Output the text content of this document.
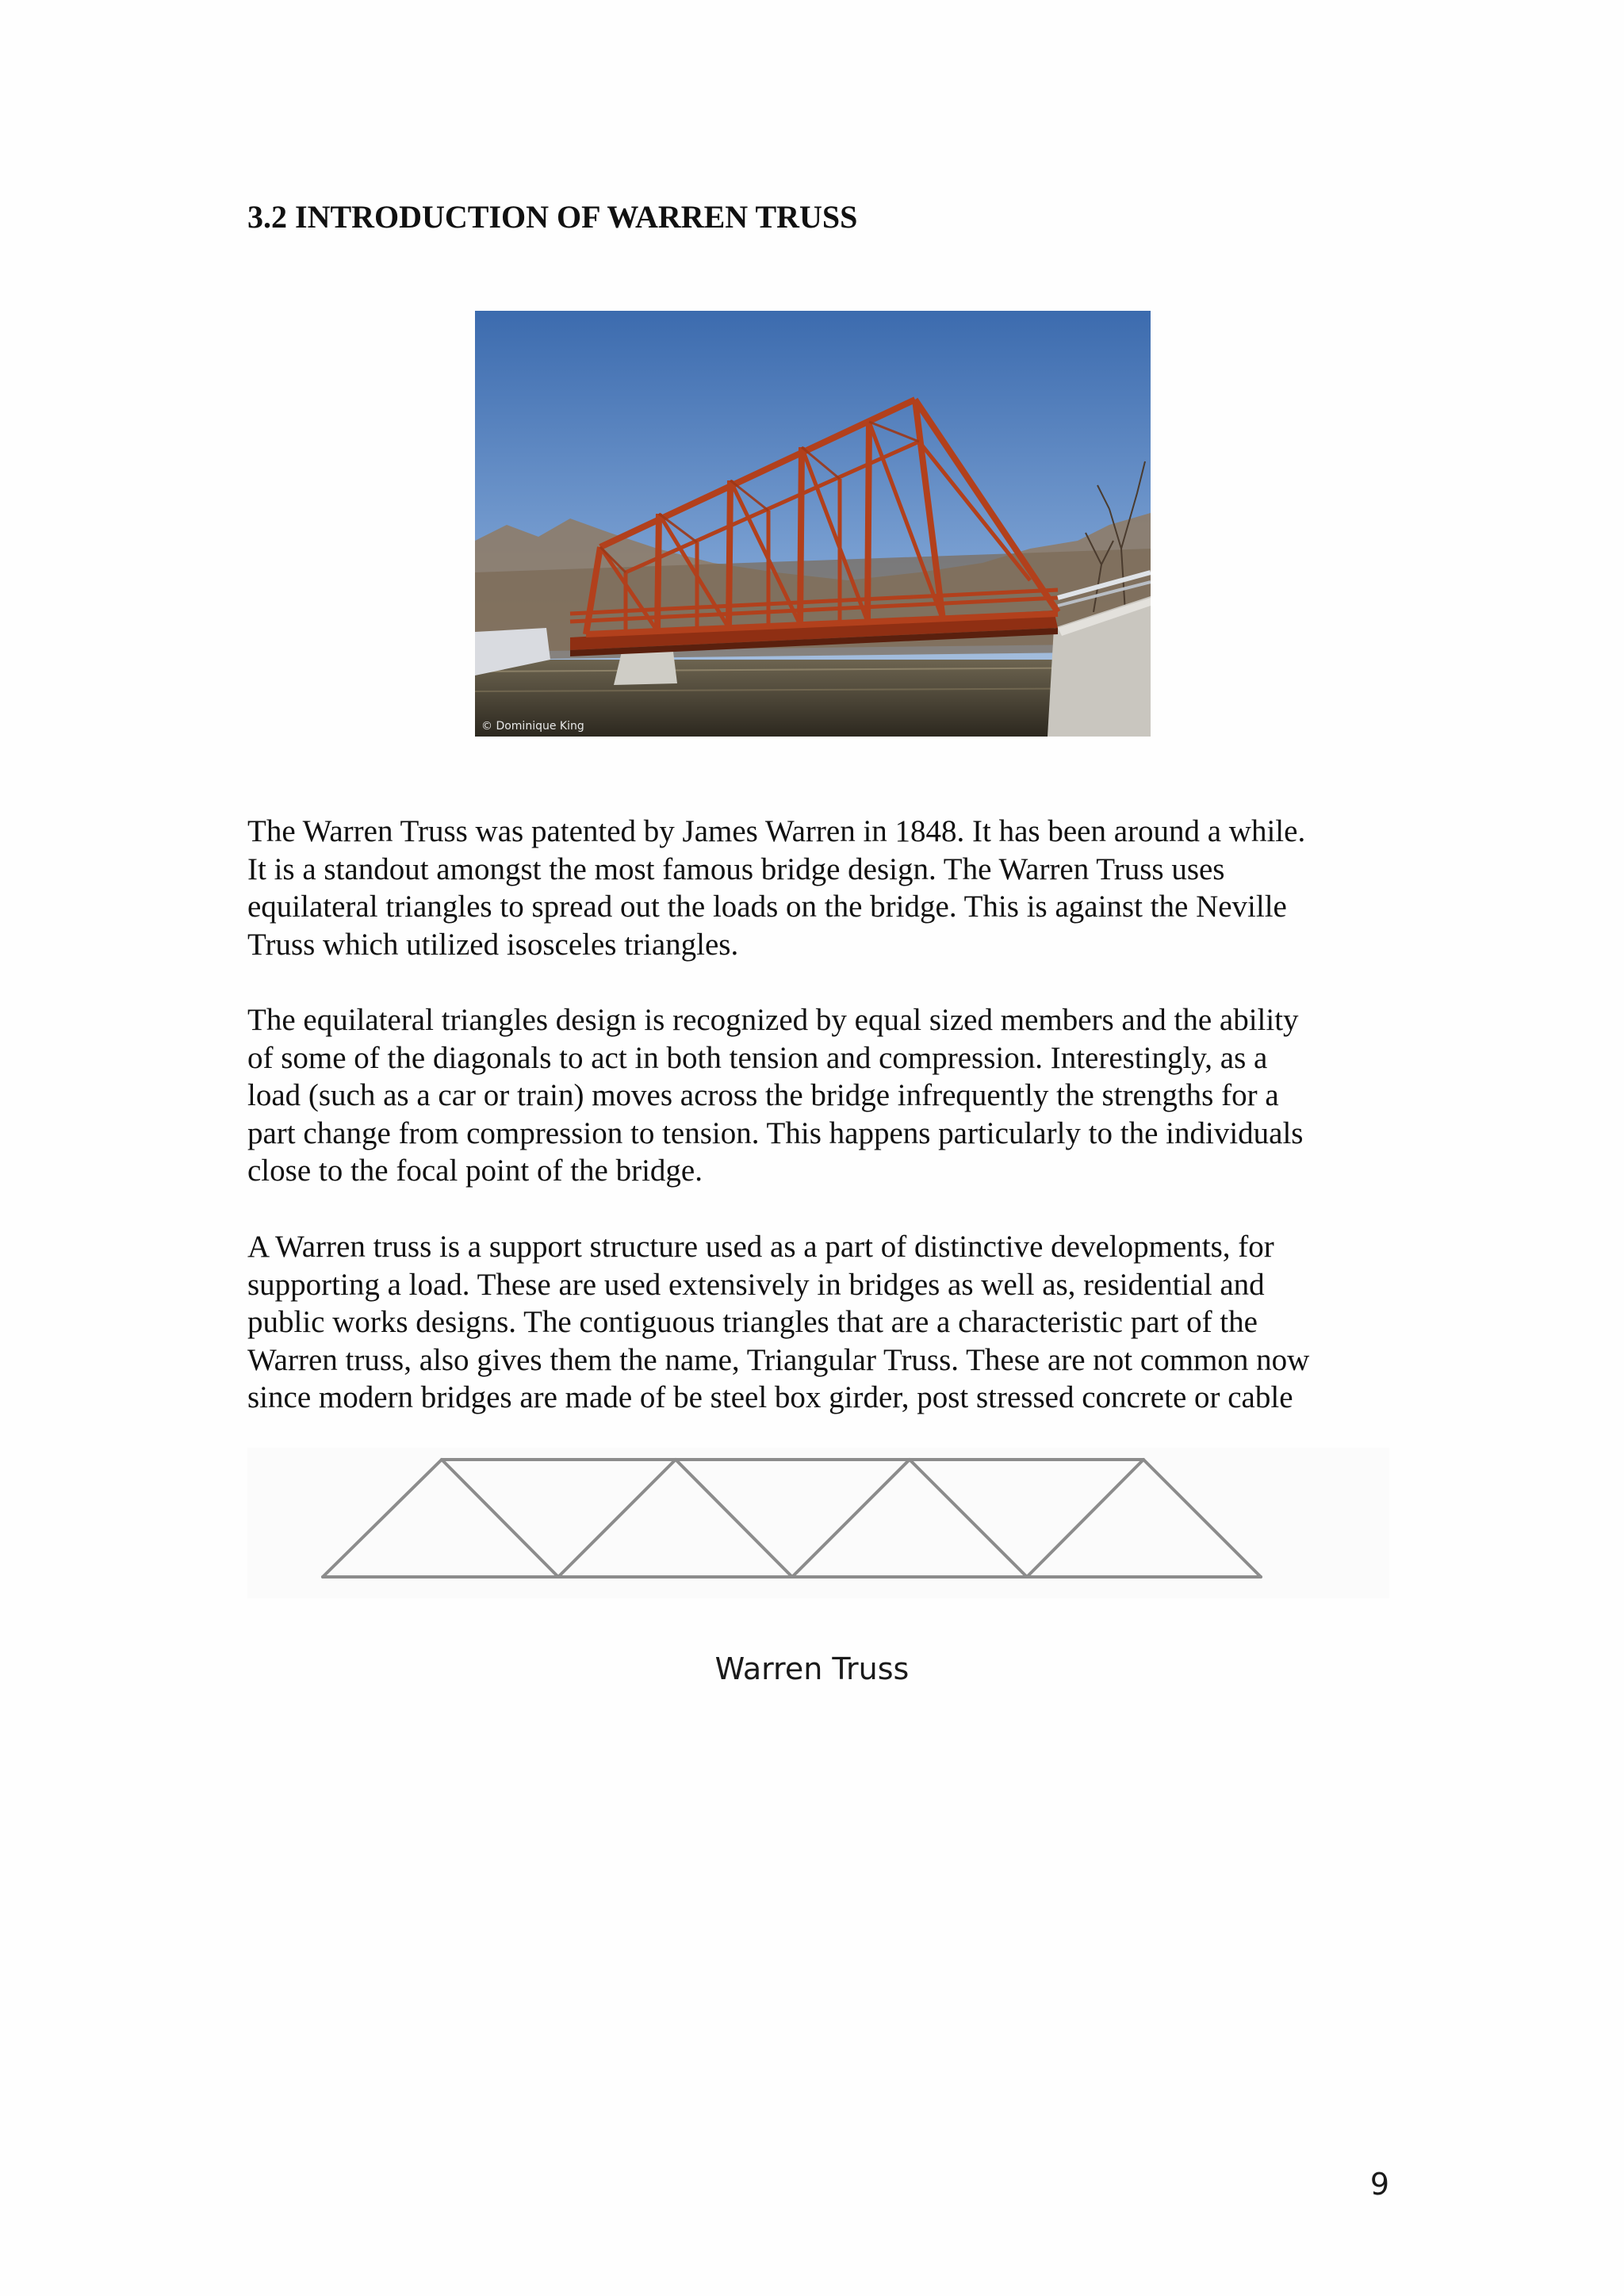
3.2 INTRODUCTION OF WARREN TRUSS
© Dominique King

The Warren Truss was patented by James Warren in 1848. It has been around a while.
It is a standout amongst the most famous bridge design. The Warren Truss uses
equilateral triangles to spread out the loads on the bridge. This is against the Neville
Truss which utilized isosceles triangles.

The equilateral triangles design is recognized by equal sized members and the ability
of some of the diagonals to act in both tension and compression. Interestingly, as a
load (such as a car or train) moves across the bridge infrequently the strengths for a
part change from compression to tension. This happens particularly to the individuals
close to the focal point of the bridge.

A Warren truss is a support structure used as a part of distinctive developments, for
supporting a load. These are used extensively in bridges as well as, residential and
public works designs. The contiguous triangles that are a characteristic part of the
Warren truss, also gives them the name, Triangular Truss. These are not common now
since modern bridges are made of be steel box girder, post stressed concrete or cable

Warren Truss
9
